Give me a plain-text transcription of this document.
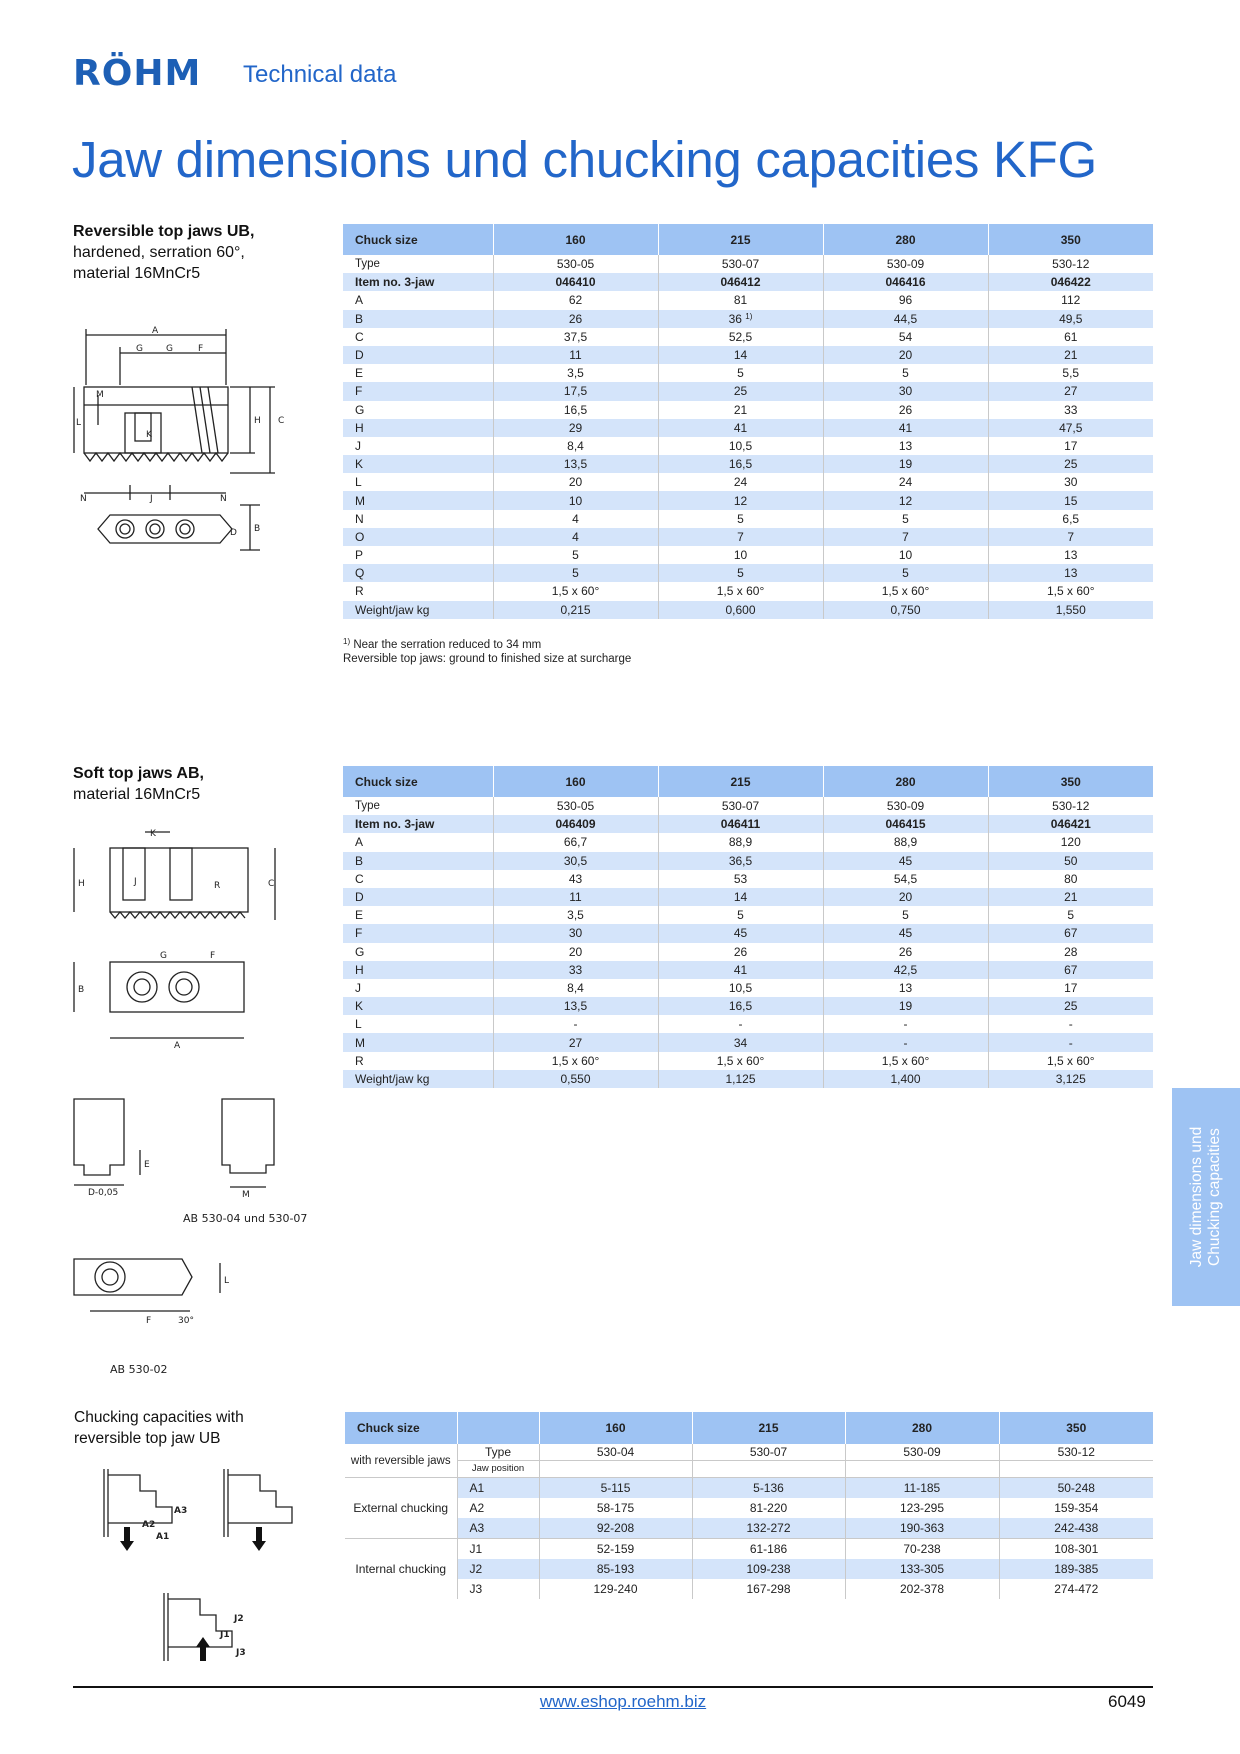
RÖHM Technical data
Jaw dimensions und chucking capacities KFG
Reversible top jaws UB,
hardened, serration 60°,
material 16MnCr5
A
G	G	F
C
H
L
M
K
N	J	N
B
D
Chuck size	160	215	280	350
Type	530-05	530-07	530-09	530-12
Item no. 3-jaw	046410	046412	046416	046422
A	62	81	96	112
B	26	36 $^{1)}$	44,5	49,5
C	37,5	52,5	54	61
D	11	14	20	21
E	3,5	5	5	5,5
F	17,5	25	30	27
G	16,5	21	26	33
H	29	41	41	47,5
J	8,4	10,5	13	17
K	13,5	16,5	19	25
L	20	24	24	30
M	10	12	12	15
N	4	5	5	6,5
O	4	7	7	7
P	5	10	10	13
Q	5	5	5	13
R	1,5 x 60°	1,5 x 60°	1,5 x 60°	1,5 x 60°
Weight/jaw kg	0,215	0,600	0,750	1,550
$^{1)}$ Near the serration reduced to 34 mm
Reversible top jaws: ground to finished size at surcharge
Soft top jaws AB,
material 16MnCr5
K
H	C
J	R
G	F
B
A
D-0,05
E
M
AB 530-04 und 530-07
L
F	30°
AB 530-02
Chuck size	160	215	280	350
Type	530-05	530-07	530-09	530-12
Item no. 3-jaw	046409	046411	046415	046421
A	66,7	88,9	88,9	120
B	30,5	36,5	45	50
C	43	53	54,5	80
D	11	14	20	21
E	3,5	5	5	5
F	30	45	45	67
G	20	26	26	28
H	33	41	42,5	67
J	8,4	10,5	13	17
K	13,5	16,5	19	25
L	-	-	-	-
M	27	34	-	-
R	1,5 x 60°	1,5 x 60°	1,5 x 60°	1,5 x 60°
Weight/jaw kg	0,550	1,125	1,400	3,125
Jaw dimensions und Chucking capacities
Chucking capacities with
reversible top jaw UB
A1
A2
A3
J1
J2
J3
Chuck size		160	215	280	350
with reversible jaws	Type	530-04	530-07	530-09	530-12
	Jaw position				
External chucking	A1	5-115	5-136	11-185	50-248
	A2	58-175	81-220	123-295	159-354
	A3	92-208	132-272	190-363	242-438
Internal chucking	J1	52-159	61-186	70-238	108-301
	J2	85-193	109-238	133-305	189-385
	J3	129-240	167-298	202-378	274-472
www.eshop.roehm.biz	6049
